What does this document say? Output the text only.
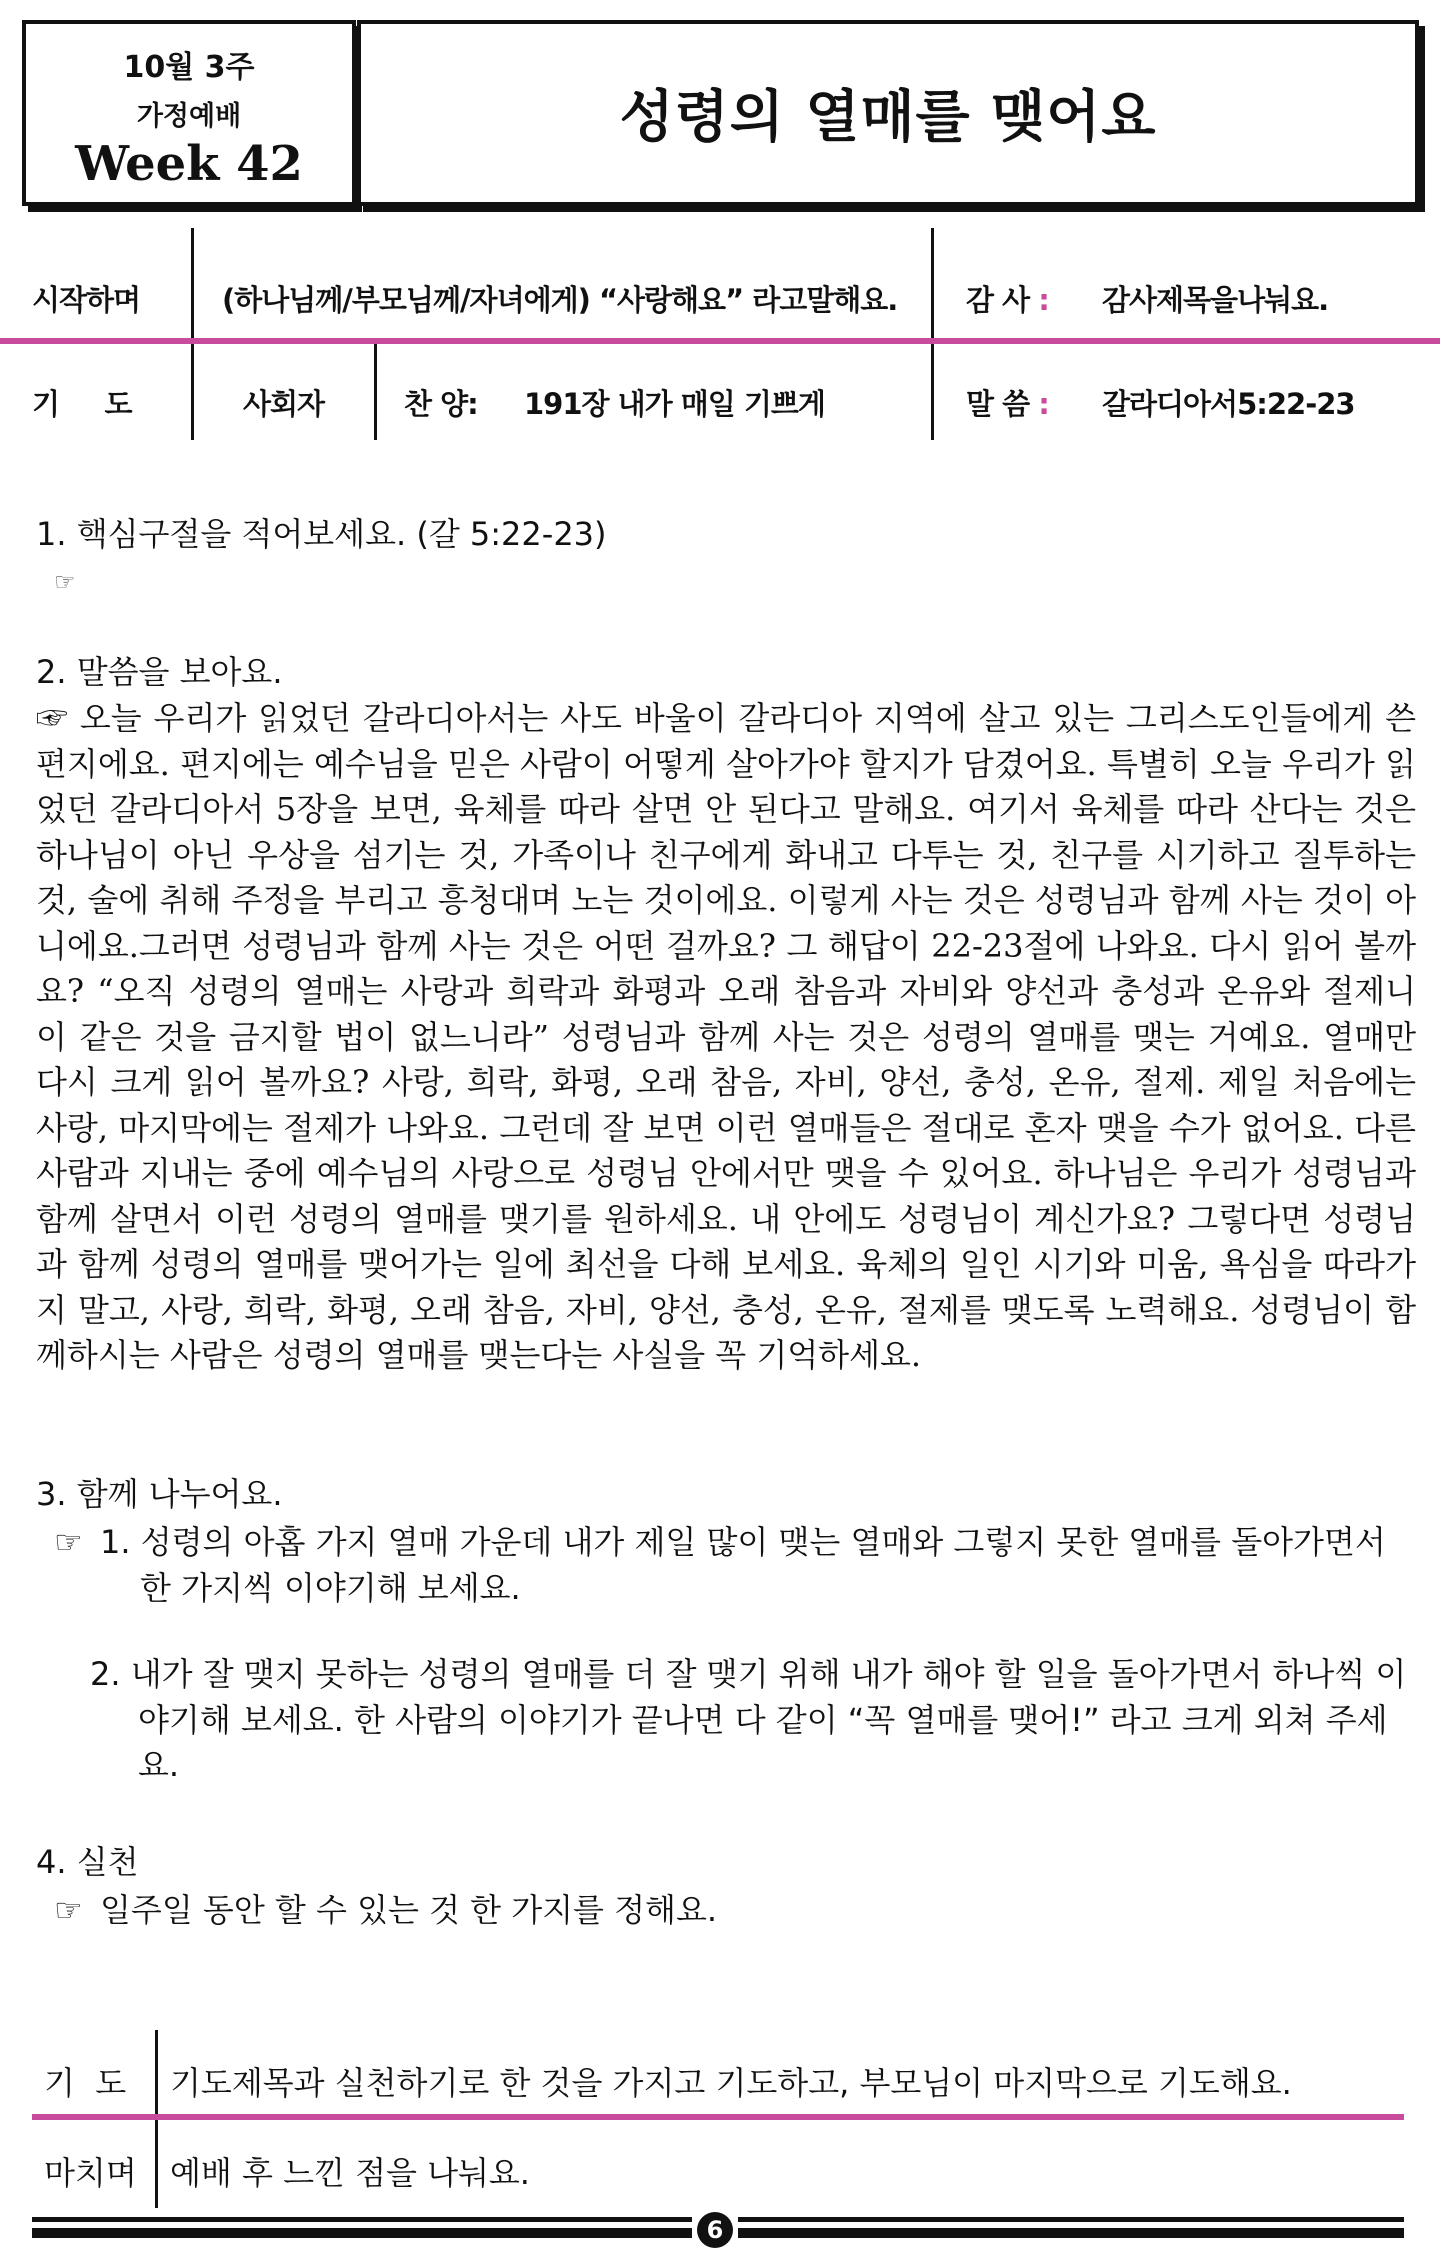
10월 3주
가정예배
Week 42
성령의 열매를 맺어요
시작하며	(하나님께/부모님께/자녀에게) “사랑해요” 라고말해요. 감 사 : 감사제목을나눠요.
기     도	사회자	찬 양: 191장 내가 매일 기쁘게	말 씀 : 갈라디아서5:22-23
1. 핵심구절을 적어보세요. (갈 5:22-23)
☞
2. 말씀을 보아요.
☞ 오늘 우리가 읽었던 갈라디아서는 사도 바울이 갈라디아 지역에 살고 있는 그리스도인들에게 쓴 편지에요. 편지에는 예수님을 믿은 사람이 어떻게 살아가야 할지가 담겼어요. 특별히 오늘 우리가 읽었던 갈라디아서 5장을 보면, 육체를 따라 살면 안 된다고 말해요. 여기서 육체를 따라 산다는 것은 하나님이 아닌 우상을 섬기는 것, 가족이나 친구에게 화내고 다투는 것, 친구를 시기하고 질투하는 것, 술에 취해 주정을 부리고 흥청대며 노는 것이에요. 이렇게 사는 것은 성령님과 함께 사는 것이 아니에요.그러면 성령님과 함께 사는 것은 어떤 걸까요? 그 해답이 22-23절에 나와요. 다시 읽어 볼까요? “오직 성령의 열매는 사랑과 희락과 화평과 오래 참음과 자비와 양선과 충성과 온유와 절제니 이 같은 것을 금지할 법이 없느니라” 성령님과 함께 사는 것은 성령의 열매를 맺는 거예요. 열매만 다시 크게 읽어 볼까요? 사랑, 희락, 화평, 오래 참음, 자비, 양선, 충성, 온유, 절제. 제일 처음에는 사랑, 마지막에는 절제가 나와요. 그런데 잘 보면 이런 열매들은 절대로 혼자 맺을 수가 없어요. 다른 사람과 지내는 중에 예수님의 사랑으로 성령님 안에서만 맺을 수 있어요. 하나님은 우리가 성령님과 함께 살면서 이런 성령의 열매를 맺기를 원하세요. 내 안에도 성령님이 계신가요? 그렇다면 성령님과 함께 성령의 열매를 맺어가는 일에 최선을 다해 보세요. 육체의 일인 시기와 미움, 욕심을 따라가지 말고, 사랑, 희락, 화평, 오래 참음, 자비, 양선, 충성, 온유, 절제를 맺도록 노력해요. 성령님이 함께하시는 사람은 성령의 열매를 맺는다는 사실을 꼭 기억하세요.
3. 함께 나누어요.
☞ 1. 성령의 아홉 가지 열매 가운데 내가 제일 많이 맺는 열매와 그렇지 못한 열매를 돌아가면서 한 가지씩 이야기해 보세요.
2. 내가 잘 맺지 못하는 성령의 열매를 더 잘 맺기 위해 내가 해야 할 일을 돌아가면서 하나씩 이야기해 보세요. 한 사람의 이야기가 끝나면 다 같이 “꼭 열매를 맺어!” 라고 크게 외쳐 주세요.
4. 실천
☞ 일주일 동안 할 수 있는 것 한 가지를 정해요.
기  도 기도제목과 실천하기로 한 것을 가지고 기도하고, 부모님이 마지막으로 기도해요.
마치며 예배 후 느낀 점을 나눠요.
6
